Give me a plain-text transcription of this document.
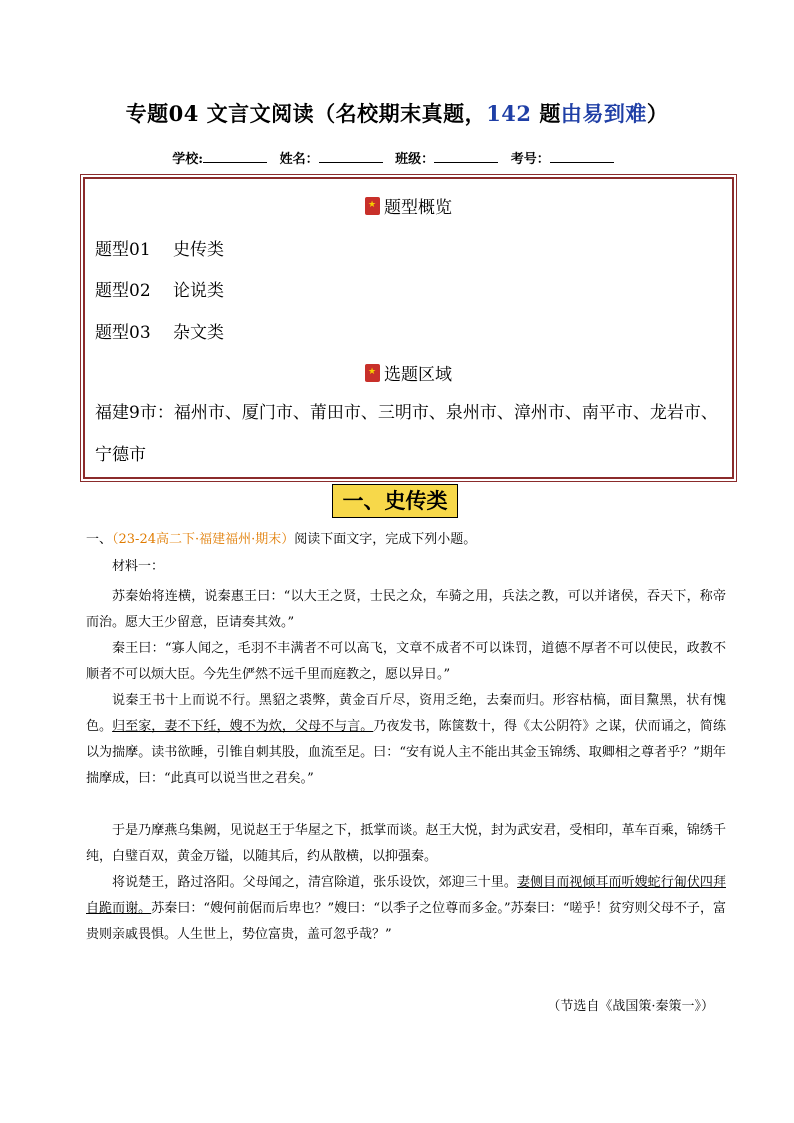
专题04 文言文阅读（名校期末真题，142 题由易到难）
学校:	姓名：	班级：	考号：
★题型概览
题型01 史传类
题型02 论说类
题型03 杂文类
★选题区域
福建9市：福州市、厦门市、莆田市、三明市、泉州市、漳州市、南平市、龙岩市、宁德市
一、史传类
一、（23-24高二下·福建福州·期末）阅读下面文字，完成下列小题。
材料一：
苏秦始将连横，说秦惠王曰：“以大王之贤，士民之众，车骑之用，兵法之教，可以并诸侯，吞天下，称帝而治。愿大王少留意，臣请奏其效。”
秦王曰：“寡人闻之，毛羽不丰满者不可以高飞，文章不成者不可以诛罚，道德不厚者不可以使民，政教不顺者不可以烦大臣。今先生俨然不远千里而庭教之，愿以异日。”
说秦王书十上而说不行。黑貂之裘弊，黄金百斤尽，资用乏绝，去秦而归。形容枯槁，面目黧黑，状有愧色。归至家，妻不下纴，嫂不为炊，父母不与言。乃夜发书，陈箧数十，得《太公阴符》之谋，伏而诵之，简练以为揣摩。读书欲睡，引锥自刺其股，血流至足。曰：“安有说人主不能出其金玉锦绣、取卿相之尊者乎？”期年揣摩成，曰：“此真可以说当世之君矣。”
于是乃摩燕乌集阙，见说赵王于华屋之下，抵掌而谈。赵王大悦，封为武安君，受相印，革车百乘，锦绣千纯，白璧百双，黄金万镒，以随其后，约从散横，以抑强秦。
将说楚王，路过洛阳。父母闻之，清宫除道，张乐设饮，郊迎三十里。妻侧目而视倾耳而听嫂蛇行匍伏四拜自跪而谢。苏秦曰：“嫂何前倨而后卑也？”嫂曰：“以季子之位尊而多金。”苏秦曰：“嗟乎！贫穷则父母不子，富贵则亲戚畏惧。人生世上，势位富贵，盖可忽乎哉？”
（节选自《战国策·秦策一》）
